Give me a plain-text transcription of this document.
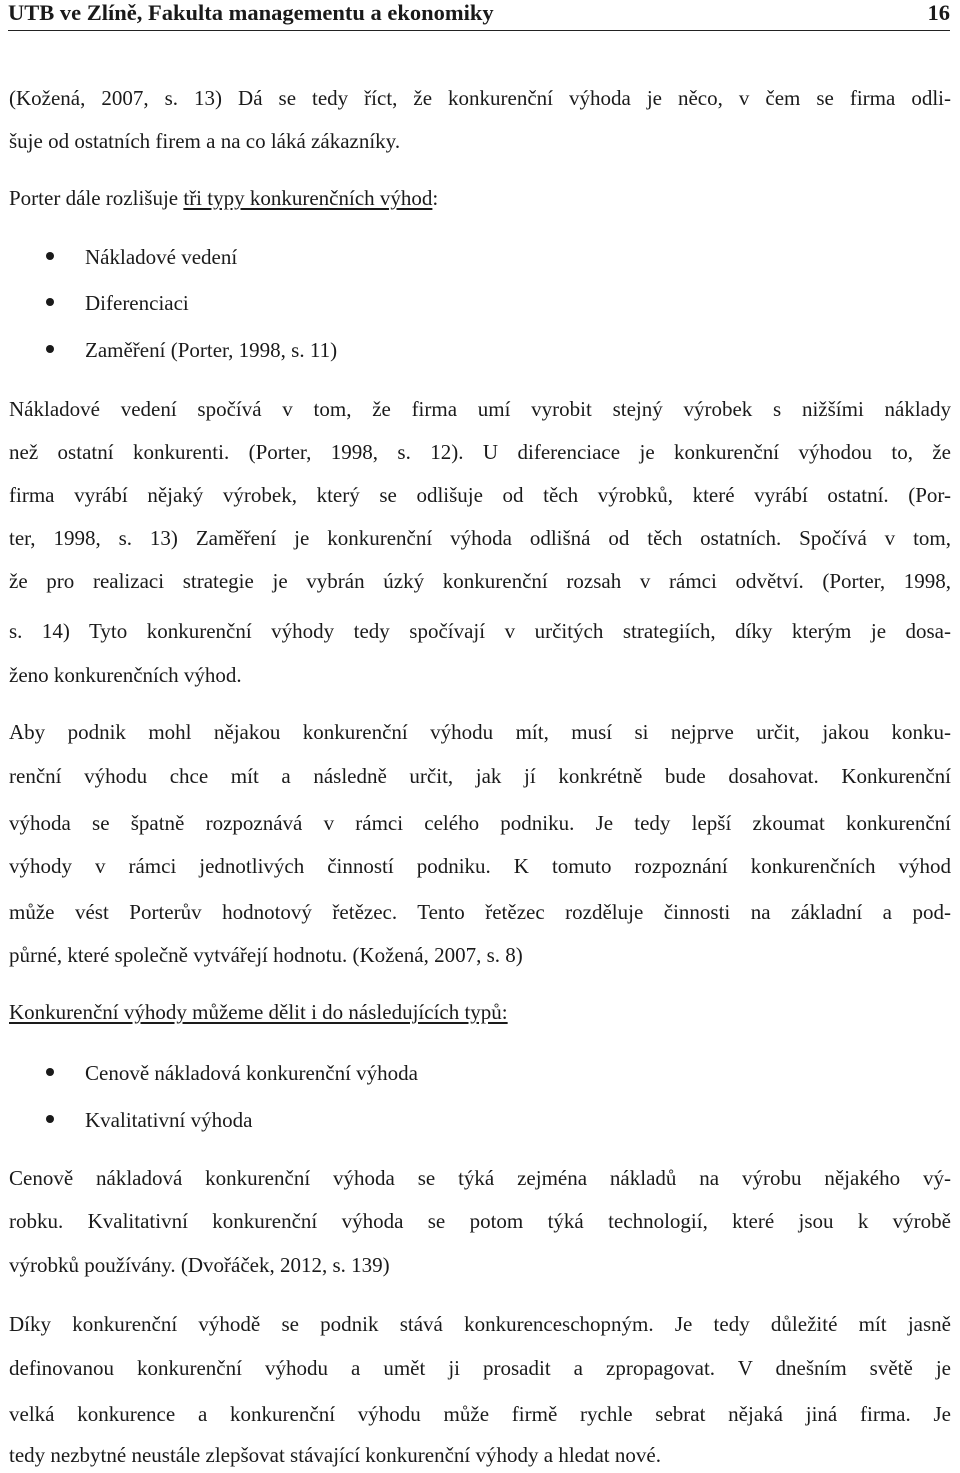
UTB ve Zlíně, Fakulta managementu a ekonomiky	16
(Kožená, 2007, s. 13) Dá se tedy říct, že konkurenční výhoda je něco, v čem se firma odli-
šuje od ostatních firem a na co láká zákazníky.
Porter dále rozlišuje tři typy konkurenčních výhod:
Nákladové vedení
Diferenciaci
Zaměření (Porter, 1998, s. 11)
Nákladové vedení spočívá v tom, že firma umí vyrobit stejný výrobek s nižšími náklady
než ostatní konkurenti. (Porter, 1998, s. 12). U diferenciace je konkurenční výhodou to, že
firma vyrábí nějaký výrobek, který se odlišuje od těch výrobků, které vyrábí ostatní. (Por-
ter, 1998, s. 13) Zaměření je konkurenční výhoda odlišná od těch ostatních. Spočívá v tom,
že pro realizaci strategie je vybrán úzký konkurenční rozsah v rámci odvětví. (Porter, 1998,
s. 14) Tyto konkurenční výhody tedy spočívají v určitých strategiích, díky kterým je dosa-
ženo konkurenčních výhod.
Aby podnik mohl nějakou konkurenční výhodu mít, musí si nejprve určit, jakou konku-
renční výhodu chce mít a následně určit, jak jí konkrétně bude dosahovat. Konkurenční
výhoda se špatně rozpoznává v rámci celého podniku. Je tedy lepší zkoumat konkurenční
výhody v rámci jednotlivých činností podniku. K tomuto rozpoznání konkurenčních výhod
může vést Porterův hodnotový řetězec. Tento řetězec rozděluje činnosti na základní a pod-
půrné, které společně vytvářejí hodnotu. (Kožená, 2007, s. 8)
Konkurenční výhody můžeme dělit i do následujících typů:
Cenově nákladová konkurenční výhoda
Kvalitativní výhoda
Cenově nákladová konkurenční výhoda se týká zejména nákladů na výrobu nějakého vý-
robku. Kvalitativní konkurenční výhoda se potom týká technologií, které jsou k výrobě
výrobků používány. (Dvořáček, 2012, s. 139)
Díky konkurenční výhodě se podnik stává konkurenceschopným. Je tedy důležité mít jasně
definovanou konkurenční výhodu a umět ji prosadit a zpropagovat. V dnešním světě je
velká konkurence a konkurenční výhodu může firmě rychle sebrat nějaká jiná firma. Je
tedy nezbytné neustále zlepšovat stávající konkurenční výhody a hledat nové.
